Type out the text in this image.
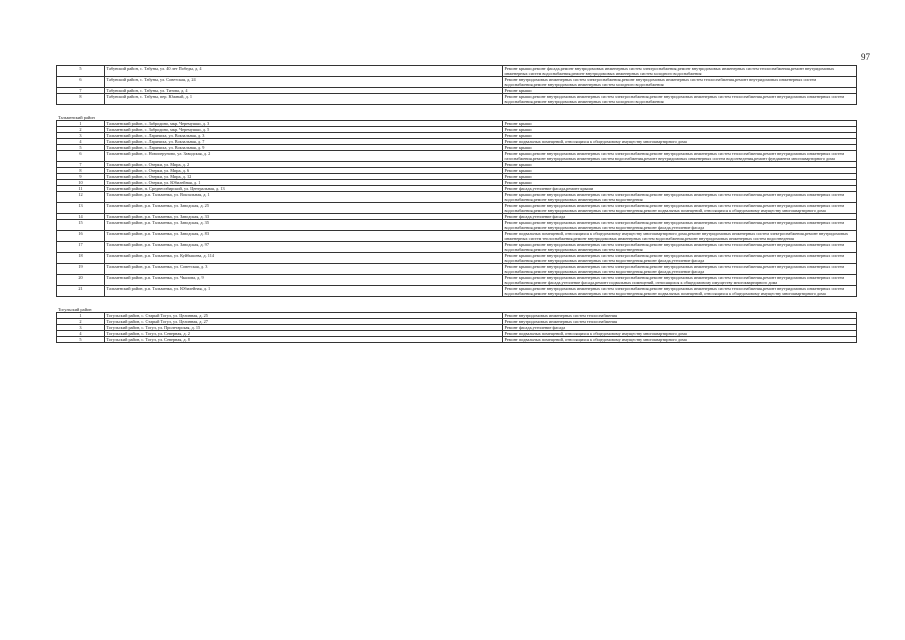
97
5	Табунский район, с. Табуны, ул. 40 лет Победы, д. 4	Ремонт крыши,ремонт фасада,ремонт внутридомовых инженерных систем электроснабжения,ремонт внутридомовых инженерных систем теплоснабжения,ремонт внутридомовых инженерных систем водоснабжения,ремонт внутридомовых инженерных систем холодного водоснабжения
6	Табунский район, с. Табуны, ул. Советская, д. 24	Ремонт внутридомовых инженерных систем электроснабжения,ремонт внутридомовых инженерных систем теплоснабжения,ремонт внутридомовых инженерных систем водоснабжения,ремонт внутридомовых инженерных систем холодного водоснабжения
7	Табунский район, с. Табуны, ул. Титова, д. 4	Ремонт крыши
8	Табунский район, с. Табуны, пер. Южный, д. 1	Ремонт крыши,ремонт внутридомовых инженерных систем электроснабжения,ремонт внутридомовых инженерных систем теплоснабжения,ремонт внутридомовых инженерных систем водоснабжения,ремонт внутридомовых инженерных систем холодного водоснабжения

Тальменский район		
1	Тальменский район, с. Забродино, мкр. Черемушки, д. 3	Ремонт крыши
2	Тальменский район, с. Забродино, мкр. Черемушки, д. 5	Ремонт крыши
3	Тальменский район, с. Ларичиха, ул. Вокзальная, д. 3	Ремонт крыши
4	Тальменский район, с. Ларичиха, ул. Вокзальная, д. 7	Ремонт подвальных помещений, относящихся к общедомовому имуществу многоквартирного дома
5	Тальменский район, с. Ларичиха, ул. Вокзальная, д. 9	Ремонт крыши
6	Тальменский район, с. Новоперуново, ул. Заводская, д. 2	Ремонт крыши,ремонт внутридомовых инженерных систем электроснабжения,ремонт внутридомовых инженерных систем теплоснабжения,ремонт внутридомовых инженерных систем газоснабжения,ремонт внутридомовых инженерных систем водоснабжения,ремонт внутридомовых инженерных систем водоотведения,ремонт фундамента многоквартирного дома
7	Тальменский район, с. Озерки, ул. Мира, д. 2	Ремонт крыши
8	Тальменский район, с. Озерки, ул. Мира, д. 6	Ремонт крыши
9	Тальменский район, с. Озерки, ул. Мира, д. 12	Ремонт крыши
10	Тальменский район, с. Озерки, ул. Юбилейная, д. 1	Ремонт крыши
11	Тальменский район, п. Среднесибирский, ул. Центральная, д. 13	Ремонт фасада,утепление фасада,ремонт крыши
12	Тальменский район, р.п. Тальменка, ул. Вокзальная, д. 1	Ремонт крыши,ремонт внутридомовых инженерных систем электроснабжения,ремонт внутридомовых инженерных систем теплоснабжения,ремонт внутридомовых инженерных систем водоснабжения,ремонт внутридомовых инженерных систем водоотведения
13	Тальменский район, р.п. Тальменка, ул. Заводская, д. 25	Ремонт крыши,ремонт внутридомовых инженерных систем электроснабжения,ремонт внутридомовых инженерных систем теплоснабжения,ремонт внутридомовых инженерных систем водоснабжения,ремонт внутридомовых инженерных систем водоотведения,ремонт подвальных помещений, относящихся к общедомовому имуществу многоквартирного дома
14	Тальменский район, р.п. Тальменка, ул. Заводская, д. 33	Ремонт фасада,утепление фасада
15	Тальменский район, р.п. Тальменка, ул. Заводская, д. 35	Ремонт крыши,ремонт внутридомовых инженерных систем электроснабжения,ремонт внутридомовых инженерных систем теплоснабжения,ремонт внутридомовых инженерных систем водоснабжения,ремонт внутридомовых инженерных систем водоотведения,ремонт фасада,утепление фасада
16	Тальменский район, р.п. Тальменка, ул. Заводская, д. 83	Ремонт подвальных помещений, относящихся к общедомовому имуществу многоквартирного дома,ремонт внутридомовых инженерных систем электроснабжения,ремонт внутридомовых инженерных систем теплоснабжения,ремонт внутридомовых инженерных систем водоснабжения,ремонт внутридомовых инженерных систем водоотведения
17	Тальменский район, р.п. Тальменка, ул. Заводская, д. 97	Ремонт крыши,ремонт внутридомовых инженерных систем электроснабжения,ремонт внутридомовых инженерных систем теплоснабжения,ремонт внутридомовых инженерных систем водоснабжения,ремонт внутридомовых инженерных систем водоотведения
18	Тальменский район, р.п. Тальменка, ул. Куйбышева, д. 114	Ремонт крыши,ремонт внутридомовых инженерных систем электроснабжения,ремонт внутридомовых инженерных систем теплоснабжения,ремонт внутридомовых инженерных систем водоснабжения,ремонт внутридомовых инженерных систем водоотведения,ремонт фасада,утепление фасада
19	Тальменский район, р.п. Тальменка, ул. Советская, д. 3	Ремонт крыши,ремонт внутридомовых инженерных систем электроснабжения,ремонт внутридомовых инженерных систем теплоснабжения,ремонт внутридомовых инженерных систем водоснабжения,ремонт внутридомовых инженерных систем водоотведения,ремонт фасада,утепление фасада
20	Тальменский район, р.п. Тальменка, ул. Чкалова, д. 9	Ремонт крыши,ремонт внутридомовых инженерных систем электроснабжения,ремонт внутридомовых инженерных систем теплоснабжения,ремонт внутридомовых инженерных систем водоснабжения,ремонт фасада,утепление фасада,ремонт подвальных помещений, относящихся к общедомовому имуществу многоквартирного дома
21	Тальменский район, р.п. Тальменка, ул. Юбилейная, д. 1	Ремонт крыши,ремонт внутридомовых инженерных систем электроснабжения,ремонт внутридомовых инженерных систем теплоснабжения,ремонт внутридомовых инженерных систем водоснабжения,ремонт внутридомовых инженерных систем водоотведения,ремонт подвальных помещений, относящихся к общедомовому имуществу многоквартирного дома

Тогульский район		
1	Тогульский район, с. Старый Тогул, ул. Целинная, д. 25	Ремонт внутридомовых инженерных систем теплоснабжения
2	Тогульский район, с. Старый Тогул, ул. Целинная, д. 27	Ремонт внутридомовых инженерных систем теплоснабжения
3	Тогульский район, с. Тогул, ул. Пролетарская, д. 15	Ремонт фасада,утепление фасада
4	Тогульский район, с. Тогул, ул. Северная, д. 2	Ремонт подвальных помещений, относящихся к общедомовому имуществу многоквартирного дома
5	Тогульский район, с. Тогул, ул. Северная, д. 8	Ремонт подвальных помещений, относящихся к общедомовому имуществу многоквартирного дома
